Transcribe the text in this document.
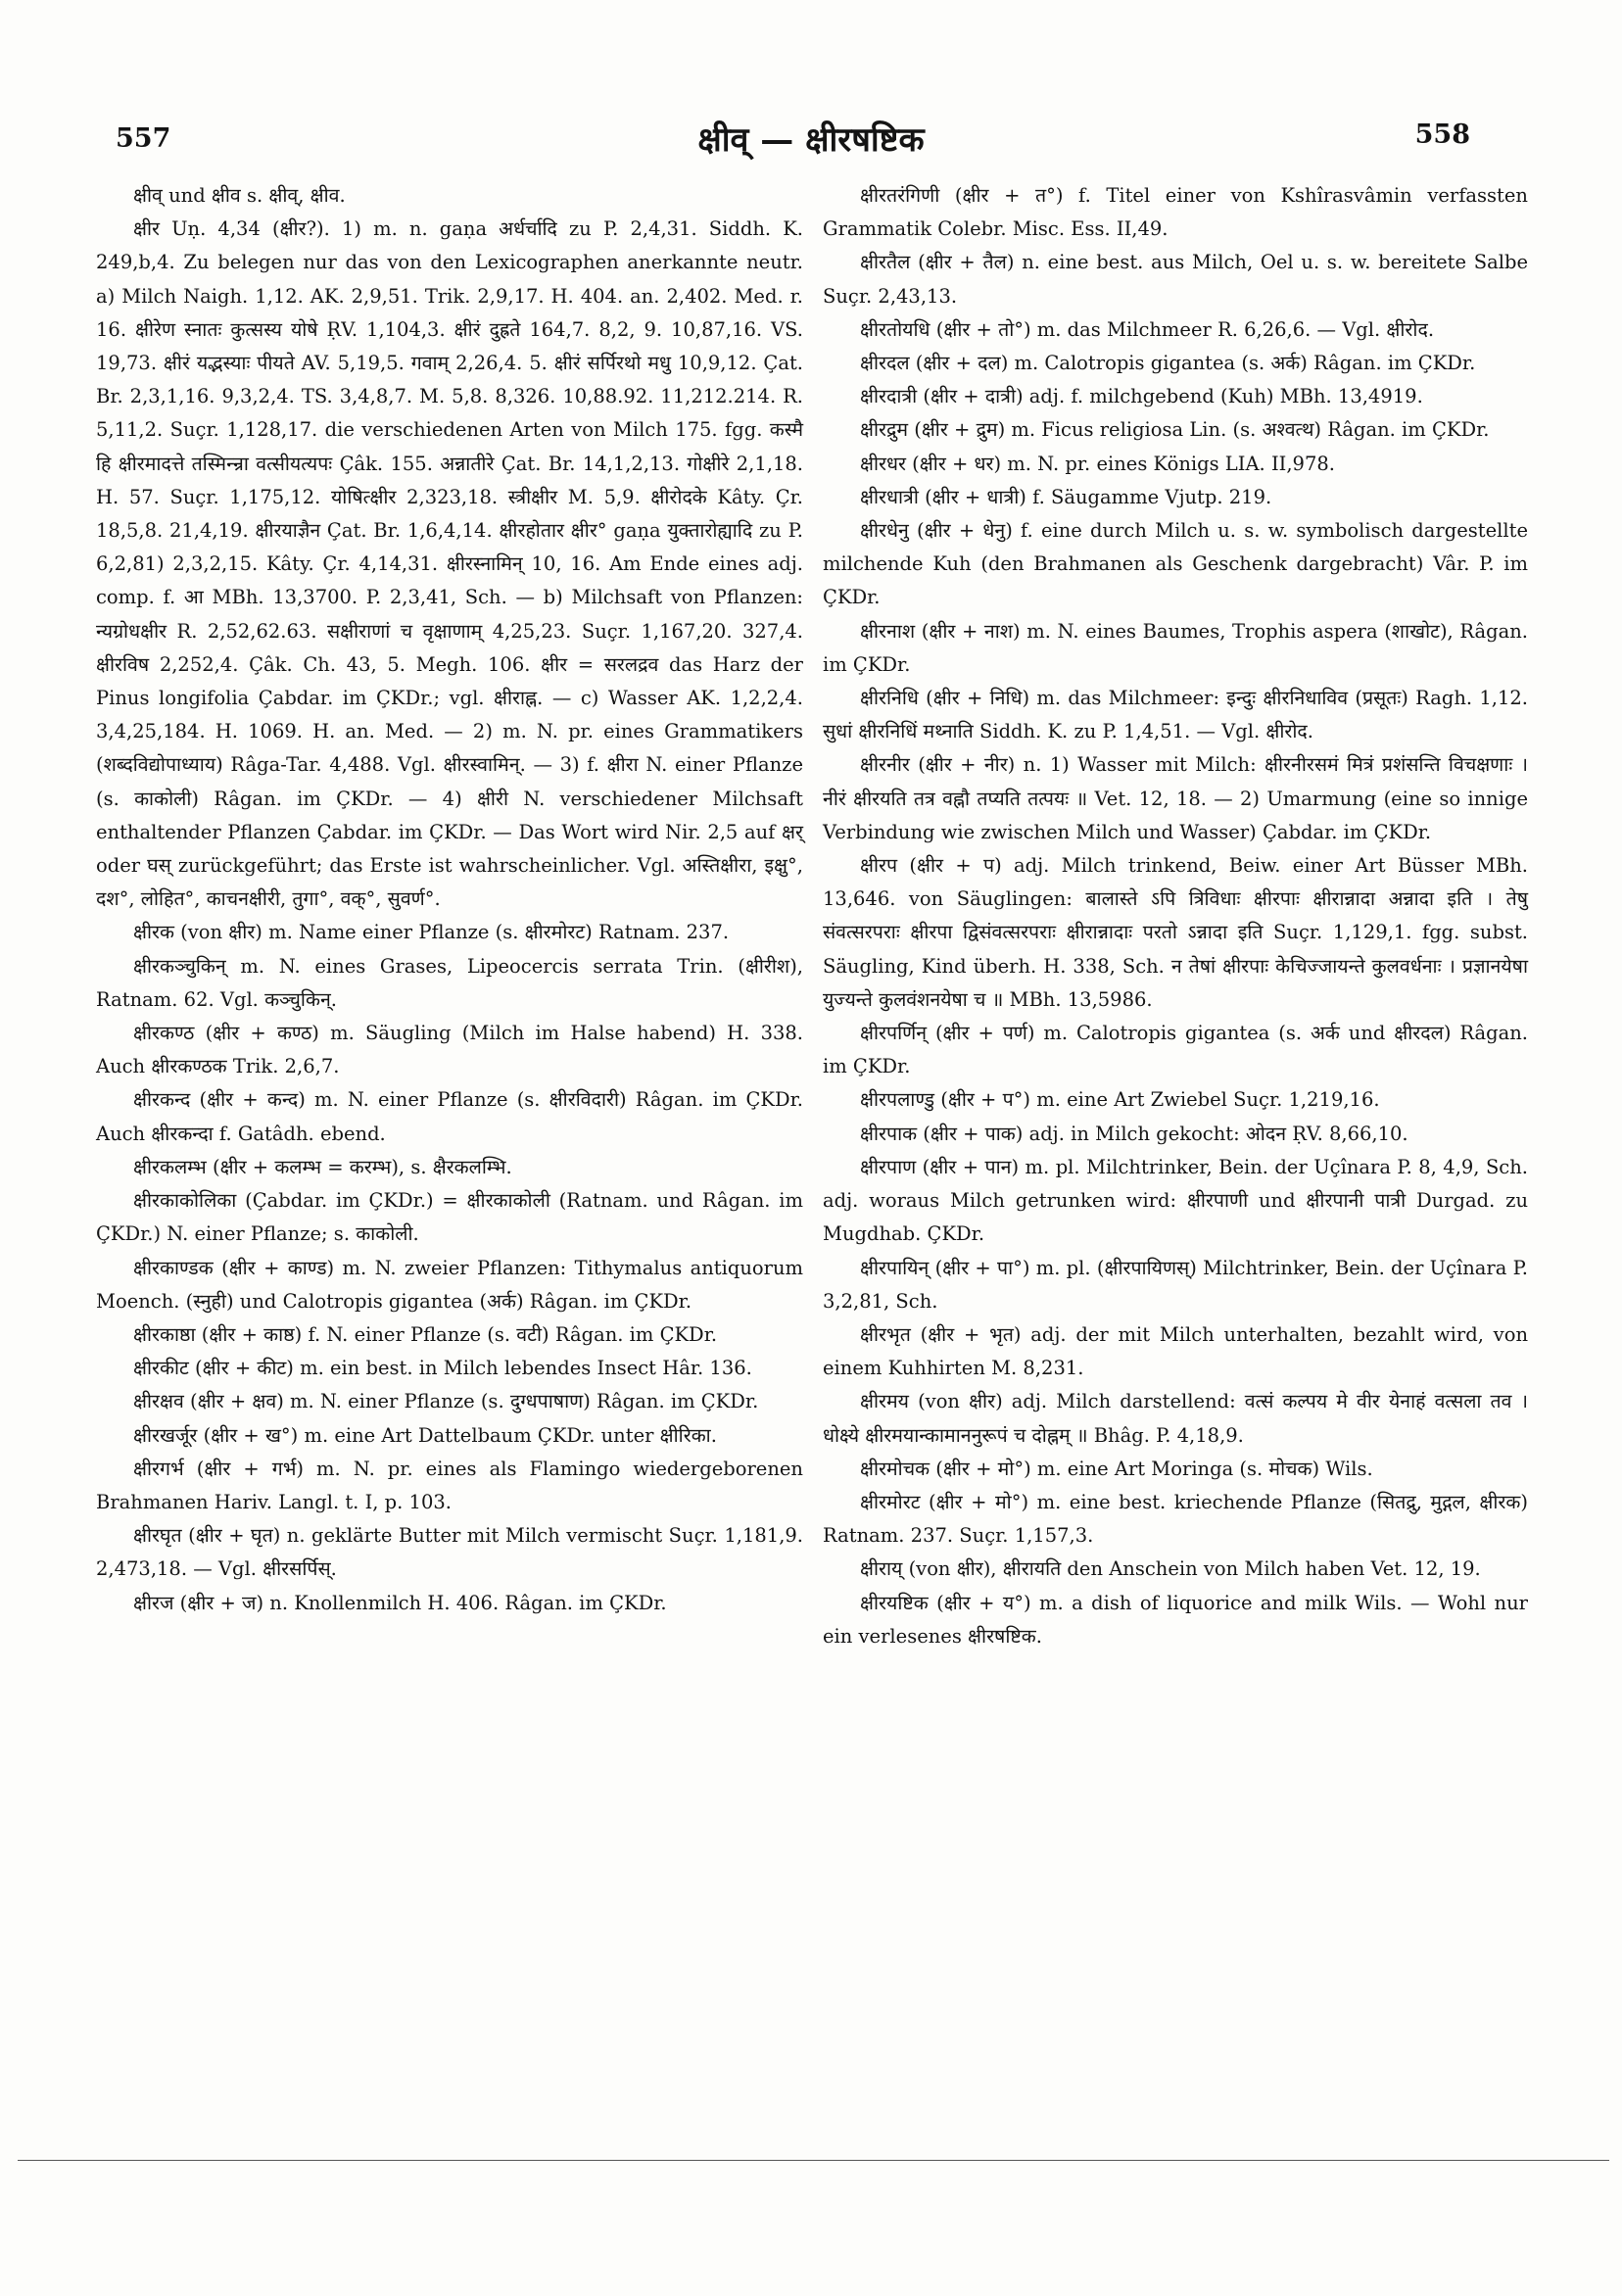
557	क्षीव् — क्षीरषष्टिक	558

क्षीव् und क्षीव s. क्षीव्, क्षीव.

क्षीर Uṇ. 4,34 (क्षीर?). 1) m. n. gaṇa अर्धर्चादि zu P. 2,4,31. Siddh. K. 249,b,4. Zu belegen nur das von den Lexicographen anerkannte neutr. a) Milch Naigh. 1,12. AK. 2,9,51. Trik. 2,9,17. H. 404. an. 2,402. Med. r. 16. क्षीरेण स्नातः कुत्सस्य योषे ṚV. 1,104,3. क्षीरं दुह्रते 164,7. 8,2, 9. 10,87,16. VS. 19,73. क्षीरं यद्भस्याः पीयते AV. 5,19,5. गवाम् 2,26,4. 5. क्षीरं सर्पिरथो मधु 10,9,12. Çat. Br. 2,3,1,16. 9,3,2,4. TS. 3,4,8,7. M. 5,8. 8,326. 10,88.92. 11,212.214. R. 5,11,2. Suçr. 1,128,17. die verschiedenen Arten von Milch 175. fgg. कस्मै हि क्षीरमादत्ते तस्मिन्न्रा वत्सीयत्यपः Çâk. 155. अन्नातीरे Çat. Br. 14,1,2,13. गोक्षीरे 2,1,18. H. 57. Suçr. 1,175,12. योषित्क्षीर 2,323,18. स्त्रीक्षीर M. 5,9. क्षीरोदके Kâty. Çr. 18,5,8. 21,4,19. क्षीरयाज्ञैन Çat. Br. 1,6,4,14. क्षीरहोतार क्षीर° gaṇa युक्तारोह्यादि zu P. 6,2,81) 2,3,2,15. Kâty. Çr. 4,14,31. क्षीरस्नामिन् 10, 16. Am Ende eines adj. comp. f. आ MBh. 13,3700. P. 2,3,41, Sch. — b) Milchsaft von Pflanzen: न्यग्रोधक्षीर R. 2,52,62.63. सक्षीराणां च वृक्षाणाम् 4,25,23. Suçr. 1,167,20. 327,4. क्षीरविष 2,252,4. Çâk. Ch. 43, 5. Megh. 106. क्षीर = सरलद्रव das Harz der Pinus longifolia Çabdar. im ÇKDr.; vgl. क्षीराह्न. — c) Wasser AK. 1,2,2,4. 3,4,25,184. H. 1069. H. an. Med. — 2) m. N. pr. eines Grammatikers (शब्दविद्योपाध्याय) Râga-Tar. 4,488. Vgl. क्षीरस्वामिन्. — 3) f. क्षीरा N. einer Pflanze (s. काकोली) Râgan. im ÇKDr. — 4) क्षीरी N. verschiedener Milchsaft enthaltender Pflanzen Çabdar. im ÇKDr. — Das Wort wird Nir. 2,5 auf क्षर् oder घस् zurückgeführt; das Erste ist wahrscheinlicher. Vgl. अस्तिक्षीरा, इक्षु°, दश°, लोहित°, काचनक्षीरी, तुगा°, वक्°, सुवर्ण°.

क्षीरक (von क्षीर) m. Name einer Pflanze (s. क्षीरमोरट) Ratnam. 237.

क्षीरकञ्चुकिन् m. N. eines Grases, Lipeocercis serrata Trin. (क्षीरीश), Ratnam. 62. Vgl. कञ्चुकिन्.

क्षीरकण्ठ (क्षीर + कण्ठ) m. Säugling (Milch im Halse habend) H. 338. Auch क्षीरकण्ठक Trik. 2,6,7.

क्षीरकन्द (क्षीर + कन्द) m. N. einer Pflanze (s. क्षीरविदारी) Râgan. im ÇKDr. Auch क्षीरकन्दा f. Gatâdh. ebend.

क्षीरकलम्भ (क्षीर + कलम्भ = करम्भ), s. क्षैरकलम्भि.

क्षीरकाकोलिका (Çabdar. im ÇKDr.) = क्षीरकाकोली (Ratnam. und Râgan. im ÇKDr.) N. einer Pflanze; s. काकोली.

क्षीरकाण्डक (क्षीर + काण्ड) m. N. zweier Pflanzen: Tithymalus antiquorum Moench. (स्नुही) und Calotropis gigantea (अर्क) Râgan. im ÇKDr.

क्षीरकाष्ठा (क्षीर + काष्ठ) f. N. einer Pflanze (s. वटी) Râgan. im ÇKDr.

क्षीरकीट (क्षीर + कीट) m. ein best. in Milch lebendes Insect Hâr. 136.

क्षीरक्षव (क्षीर + क्षव) m. N. einer Pflanze (s. दुग्धपाषाण) Râgan. im ÇKDr.

क्षीरखर्जूर (क्षीर + ख°) m. eine Art Dattelbaum ÇKDr. unter क्षीरिका.

क्षीरगर्भ (क्षीर + गर्भ) m. N. pr. eines als Flamingo wiedergeborenen Brahmanen Hariv. Langl. t. I, p. 103.

क्षीरघृत (क्षीर + घृत) n. geklärte Butter mit Milch vermischt Suçr. 1,181,9. 2,473,18. — Vgl. क्षीरसर्पिस्.

क्षीरज (क्षीर + ज) n. Knollenmilch H. 406. Râgan. im ÇKDr.

क्षीरतरंगिणी (क्षीर + त°) f. Titel einer von Kshîrasvâmin verfassten Grammatik Colebr. Misc. Ess. II,49.

क्षीरतैल (क्षीर + तैल) n. eine best. aus Milch, Oel u. s. w. bereitete Salbe Suçr. 2,43,13.

क्षीरतोयधि (क्षीर + तो°) m. das Milchmeer R. 6,26,6. — Vgl. क्षीरोद.

क्षीरदल (क्षीर + दल) m. Calotropis gigantea (s. अर्क) Râgan. im ÇKDr.

क्षीरदात्री (क्षीर + दात्री) adj. f. milchgebend (Kuh) MBh. 13,4919.

क्षीरद्रुम (क्षीर + द्रुम) m. Ficus religiosa Lin. (s. अश्वत्थ) Râgan. im ÇKDr.

क्षीरधर (क्षीर + धर) m. N. pr. eines Königs LIA. II,978.

क्षीरधात्री (क्षीर + धात्री) f. Säugamme Vjutp. 219.

क्षीरधेनु (क्षीर + धेनु) f. eine durch Milch u. s. w. symbolisch dargestellte milchende Kuh (den Brahmanen als Geschenk dargebracht) Vâr. P. im ÇKDr.

क्षीरनाश (क्षीर + नाश) m. N. eines Baumes, Trophis aspera (शाखोट), Râgan. im ÇKDr.

क्षीरनिधि (क्षीर + निधि) m. das Milchmeer: इन्दुः क्षीरनिधाविव (प्रसूतः) Ragh. 1,12. सुधां क्षीरनिधिं मथ्नाति Siddh. K. zu P. 1,4,51. — Vgl. क्षीरोद.

क्षीरनीर (क्षीर + नीर) n. 1) Wasser mit Milch: क्षीरनीरसमं मित्रं प्रशंसन्ति विचक्षणाः । नीरं क्षीरयति तत्र वह्नौ तप्यति तत्पयः ॥ Vet. 12, 18. — 2) Umarmung (eine so innige Verbindung wie zwischen Milch und Wasser) Çabdar. im ÇKDr.

क्षीरप (क्षीर + प) adj. Milch trinkend, Beiw. einer Art Büsser MBh. 13,646. von Säuglingen: बालास्ते ऽपि त्रिविधाः क्षीरपाः क्षीरान्नादा अन्नादा इति । तेषु संवत्सरपराः क्षीरपा द्विसंवत्सरपराः क्षीरान्नादाः परतो ऽन्नादा इति Suçr. 1,129,1. fgg. subst. Säugling, Kind überh. H. 338, Sch. न तेषां क्षीरपाः केचिज्जायन्ते कुलवर्धनाः । प्रज्ञानयेषा युज्यन्ते कुलवंशनयेषा च ॥ MBh. 13,5986.

क्षीरपर्णिन् (क्षीर + पर्ण) m. Calotropis gigantea (s. अर्क und क्षीरदल) Râgan. im ÇKDr.

क्षीरपलाण्डु (क्षीर + प°) m. eine Art Zwiebel Suçr. 1,219,16.

क्षीरपाक (क्षीर + पाक) adj. in Milch gekocht: ओदन ṚV. 8,66,10.

क्षीरपाण (क्षीर + पान) m. pl. Milchtrinker, Bein. der Uçînara P. 8, 4,9, Sch. adj. woraus Milch getrunken wird: क्षीरपाणी und क्षीरपानी पात्री Durgad. zu Mugdhab. ÇKDr.

क्षीरपायिन् (क्षीर + पा°) m. pl. (क्षीरपायिणस्) Milchtrinker, Bein. der Uçînara P. 3,2,81, Sch.

क्षीरभृत (क्षीर + भृत) adj. der mit Milch unterhalten, bezahlt wird, von einem Kuhhirten M. 8,231.

क्षीरमय (von क्षीर) adj. Milch darstellend: वत्सं कल्पय मे वीर येनाहं वत्सला तव । धोक्ष्ये क्षीरमयान्कामाननुरूपं च दोह्नम् ॥ Bhâg. P. 4,18,9.

क्षीरमोचक (क्षीर + मो°) m. eine Art Moringa (s. मोचक) Wils.

क्षीरमोरट (क्षीर + मो°) m. eine best. kriechende Pflanze (सितद्रु, मुद्गल, क्षीरक) Ratnam. 237. Suçr. 1,157,3.

क्षीराय् (von क्षीर), क्षीरायति den Anschein von Milch haben Vet. 12, 19.

क्षीरयष्टिक (क्षीर + य°) m. a dish of liquorice and milk Wils. — Wohl nur ein verlesenes क्षीरषष्टिक.
